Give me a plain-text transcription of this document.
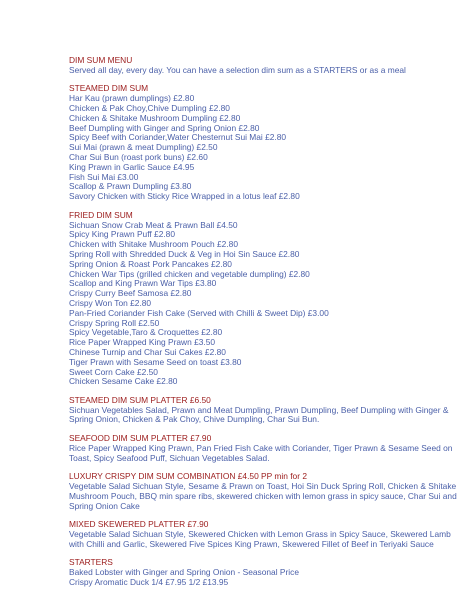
DIM SUM MENU
Served all day, every day. You can have a selection dim sum as a STARTERS or as a meal
STEAMED DIM SUM
Har Kau (prawn dumplings) £2.80
Chicken & Pak Choy,Chive Dumpling £2.80
Chicken & Shitake Mushroom Dumpling £2.80
Beef Dumpling with Ginger and Spring Onion £2.80
Spicy Beef with Coriander,Water Chesternut Sui Mai £2.80
Sui Mai (prawn & meat Dumpling) £2.50
Char Sui Bun (roast pork buns) £2.60
King Prawn in Garlic Sauce £4.95
Fish Sui Mai £3.00
Scallop & Prawn Dumpling £3.80
Savory Chicken with Sticky Rice Wrapped in a lotus leaf £2.80
FRIED DIM SUM
Sichuan Snow Crab Meat & Prawn Ball £4.50
Spicy King Prawn Puff £2.80
Chicken with Shitake Mushroom Pouch £2.80
Spring Roll with Shredded Duck & Veg in Hoi Sin Sauce £2.80
Spring Onion & Roast Pork Pancakes £2.80
Chicken War Tips (grilled chicken and vegetable dumpling) £2.80
Scallop and King Prawn War Tips £3.80
Crispy Curry Beef Samosa £2.80
Crispy Won Ton £2.80
Pan-Fried Coriander Fish Cake (Served with Chilli & Sweet Dip) £3.00
Crispy Spring Roll £2.50
Spicy Vegetable,Taro & Croquettes £2.80
Rice Paper Wrapped King Prawn £3.50
Chinese Turnip and Char Sui Cakes £2.80
Tiger Prawn with Sesame Seed on toast £3.80
Sweet Corn Cake £2.50
Chicken Sesame Cake £2.80
STEAMED DIM SUM PLATTER £6.50
Sichuan Vegetables Salad, Prawn and Meat Dumpling, Prawn Dumpling, Beef Dumpling with Ginger & Spring Onion, Chicken & Pak Choy, Chive Dumpling, Char Sui Bun.
SEAFOOD DIM SUM PLATTER £7.90
Rice Paper Wrapped King Prawn, Pan Fried Fish Cake with Coriander, Tiger Prawn & Sesame Seed on Toast, Spicy Seafood Puff, Sichuan Vegetables Salad.
LUXURY CRISPY DIM SUM COMBINATION £4.50 PP min for 2
Vegetable Salad Sichuan Style, Sesame & Prawn on Toast, Hoi Sin Duck Spring Roll, Chicken & Shitake Mushroom Pouch, BBQ min spare ribs, skewered chicken with lemon grass in spicy sauce, Char Sui and Spring Onion Cake
MIXED SKEWERED PLATTER £7.90
Vegetable Salad Sichuan Style, Skewered Chicken with Lemon Grass in Spicy Sauce, Skewered Lamb with Chilli and Garlic, Skewered Five Spices King Prawn, Skewered Fillet of Beef in Teriyaki Sauce
STARTERS
Baked Lobster with Ginger and Spring Onion - Seasonal Price
Crispy Aromatic Duck 1/4 £7.95 1/2 £13.95
